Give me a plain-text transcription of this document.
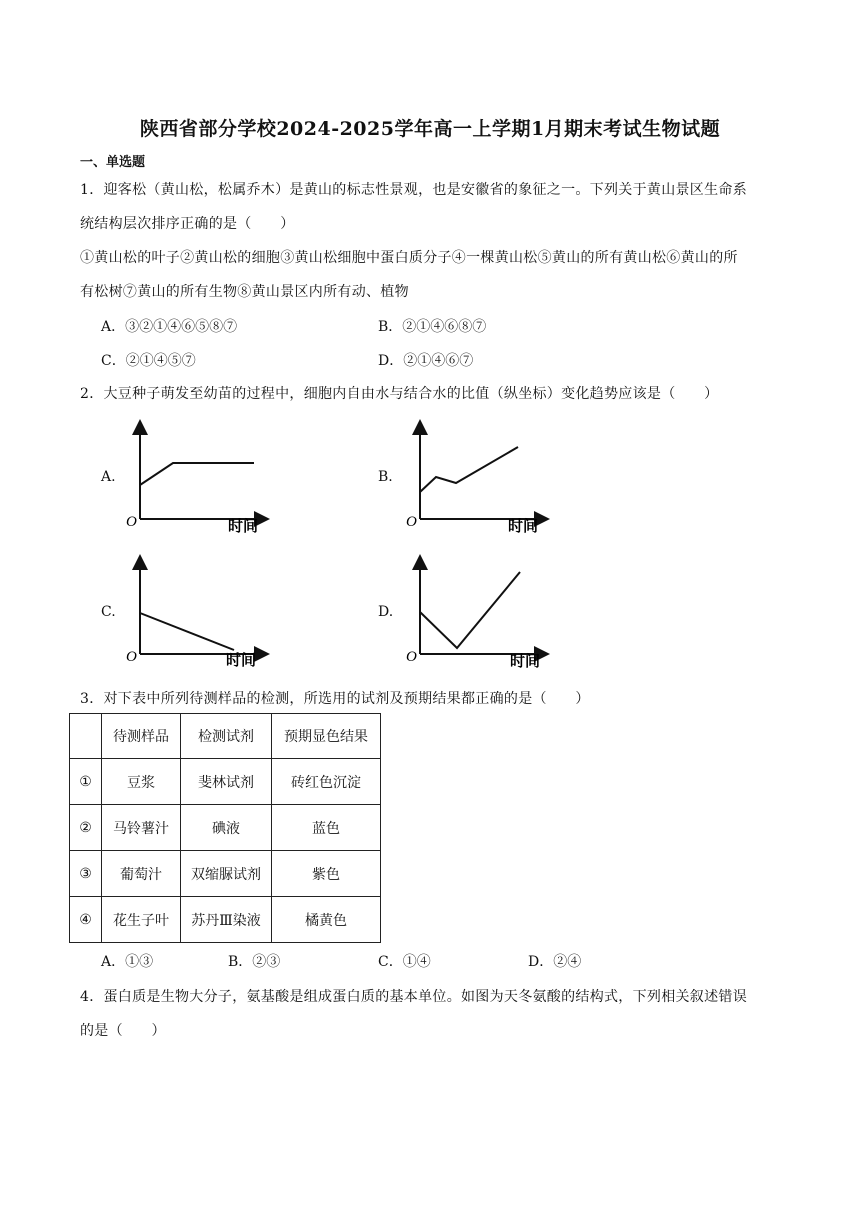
陕西省部分学校2024-2025学年高一上学期1月期末考试生物试题
一、单选题
1．迎客松（黄山松，松属乔木）是黄山的标志性景观，也是安徽省的象征之一。下列关于黄山景区生命系
统结构层次排序正确的是（　　）
①黄山松的叶子②黄山松的细胞③黄山松细胞中蛋白质分子④一棵黄山松⑤黄山的所有黄山松⑥黄山的所
有松树⑦黄山的所有生物⑧黄山景区内所有动、植物
A．③②①④⑥⑤⑧⑦	B．②①④⑥⑧⑦
C．②①④⑤⑦	D．②①④⑥⑦
2．大豆种子萌发至幼苗的过程中，细胞内自由水与结合水的比值（纵坐标）变化趋势应该是（　　）
A.
O	时间
B.
O	时间
C.
O	时间
D.
O	时间
3．对下表中所列待测样品的检测，所选用的试剂及预期结果都正确的是（　　）
	待测样品	检测试剂	预期显色结果
①	豆浆	斐林试剂	砖红色沉淀
②	马铃薯汁	碘液	蓝色
③	葡萄汁	双缩脲试剂	紫色
④	花生子叶	苏丹Ⅲ染液	橘黄色
A．①③	B．②③	C．①④	D．②④
4．蛋白质是生物大分子，氨基酸是组成蛋白质的基本单位。如图为天冬氨酸的结构式，下列相关叙述错误
的是（　　）
